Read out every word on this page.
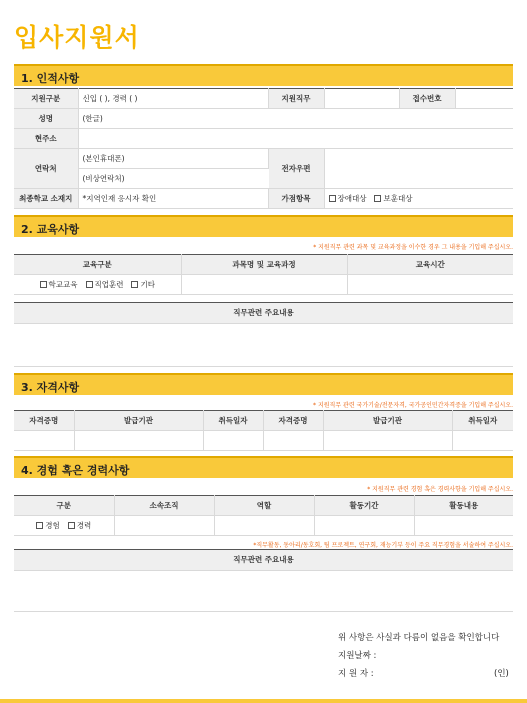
입사지원서
1. 인적사항
지원구분	신입 ( ), 경력 ( )	지원직무		접수번호	
성명	(한글)				
현주소					
연락처	(본인휴대폰)	전자우편			
	(비상연락처)				
최종학교 소재지	*지역인재 응시자 확인	가점항목	장애대상 보훈대상		
2. 교육사항
* 지원직무 관련 과목 및 교육과정을 이수한 경우 그 내용을 기입해 주십시오.
교육구분	과목명 및 교육과정	교육시간
학교교육 직업훈련 기타		
직무관련 주요내용
3. 자격사항
* 지원직무 관련 국가기술/전문자격, 국가공인민간자격증을 기입해 주십시오.
자격증명	발급기관	취득일자	자격증명	발급기관	취득일자

4. 경험 혹은 경력사항
* 지원직무 관련 경험 혹은 경력사항을 기입해 주십시오.
구분	소속조직	역할	활동기간	활동내용
경험 경력				
*직무활동, 동아리/동호회, 팀 프로젝트, 연구회, 재능기부 등이 주요 직무경험을 서술하여 주십시오.
직무관련 주요내용
위 사항은 사실과 다름이 없음을 확인합니다
지원날짜 :
지 원 자 :	(인)
